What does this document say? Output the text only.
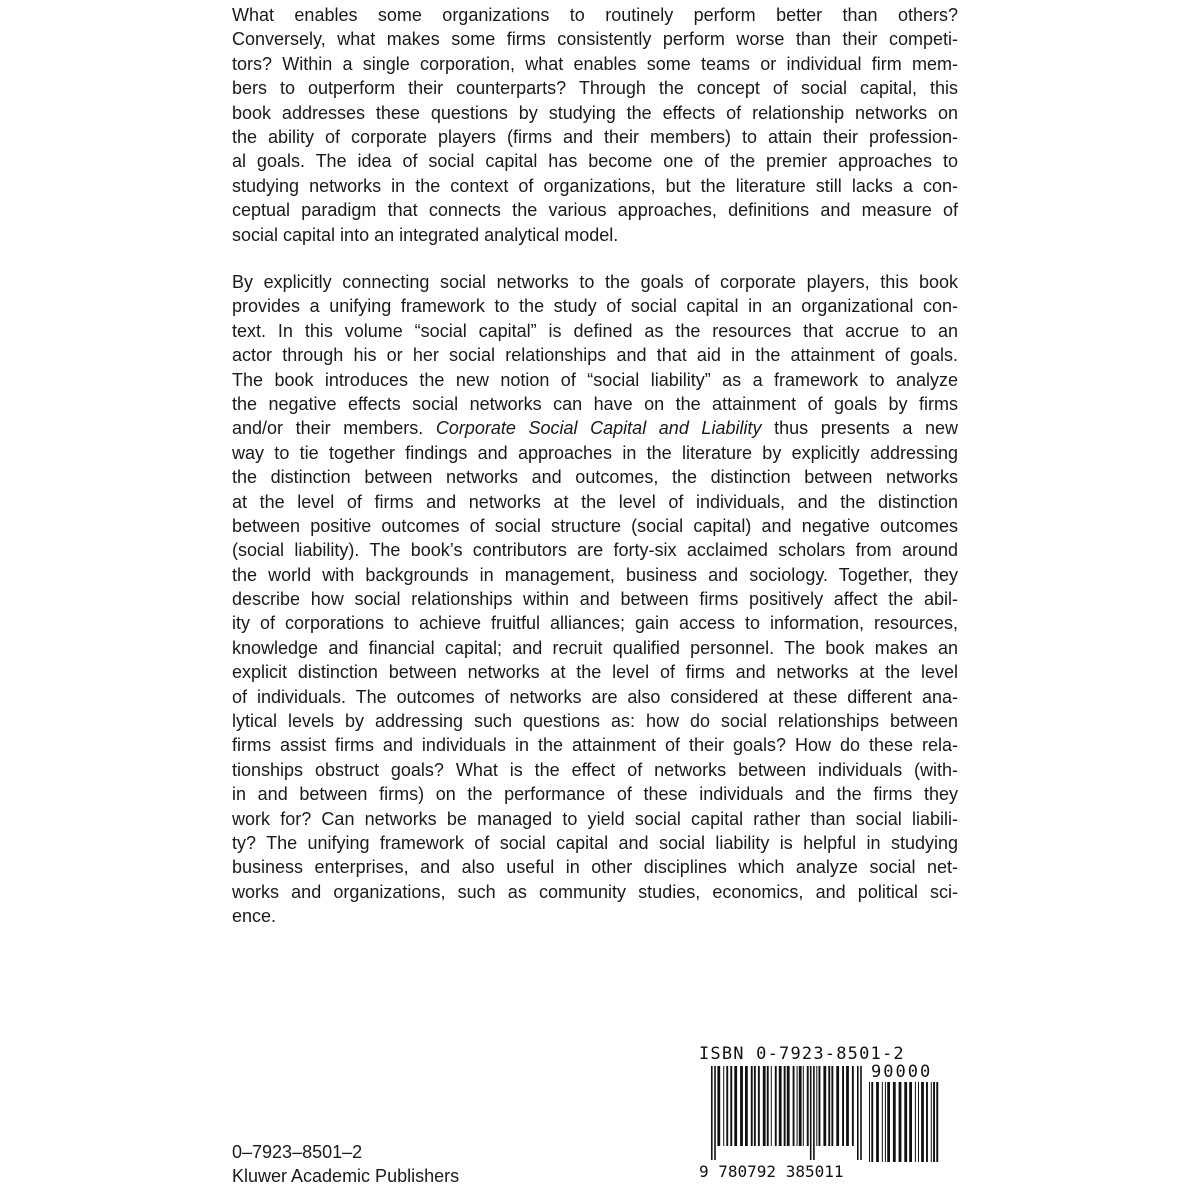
What enables some organizations to routinely perform better than others?
Conversely, what makes some firms consistently perform worse than their competi-
tors? Within a single corporation, what enables some teams or individual firm mem-
bers to outperform their counterparts? Through the concept of social capital, this
book addresses these questions by studying the effects of relationship networks on
the ability of corporate players (firms and their members) to attain their profession-
al goals. The idea of social capital has become one of the premier approaches to
studying networks in the context of organizations, but the literature still lacks a con-
ceptual paradigm that connects the various approaches, definitions and measure of
social capital into an integrated analytical model.
By explicitly connecting social networks to the goals of corporate players, this book
provides a unifying framework to the study of social capital in an organizational con-
text. In this volume “social capital” is defined as the resources that accrue to an
actor through his or her social relationships and that aid in the attainment of goals.
The book introduces the new notion of “social liability” as a framework to analyze
the negative effects social networks can have on the attainment of goals by firms
and/or their members. Corporate Social Capital and Liability thus presents a new
way to tie together findings and approaches in the literature by explicitly addressing
the distinction between networks and outcomes, the distinction between networks
at the level of firms and networks at the level of individuals, and the distinction
between positive outcomes of social structure (social capital) and negative outcomes
(social liability). The book’s contributors are forty-six acclaimed scholars from around
the world with backgrounds in management, business and sociology. Together, they
describe how social relationships within and between firms positively affect the abil-
ity of corporations to achieve fruitful alliances; gain access to information, resources,
knowledge and financial capital; and recruit qualified personnel. The book makes an
explicit distinction between networks at the level of firms and networks at the level
of individuals. The outcomes of networks are also considered at these different ana-
lytical levels by addressing such questions as: how do social relationships between
firms assist firms and individuals in the attainment of their goals? How do these rela-
tionships obstruct goals? What is the effect of networks between individuals (with-
in and between firms) on the performance of these individuals and the firms they
work for? Can networks be managed to yield social capital rather than social liabili-
ty? The unifying framework of social capital and social liability is helpful in studying
business enterprises, and also useful in other disciplines which analyze social net-
works and organizations, such as community studies, economics, and political sci-
ence.
ISBN 0-7923-8501-2
90000
9 780792 385011
0–7923–8501–2
Kluwer Academic Publishers
